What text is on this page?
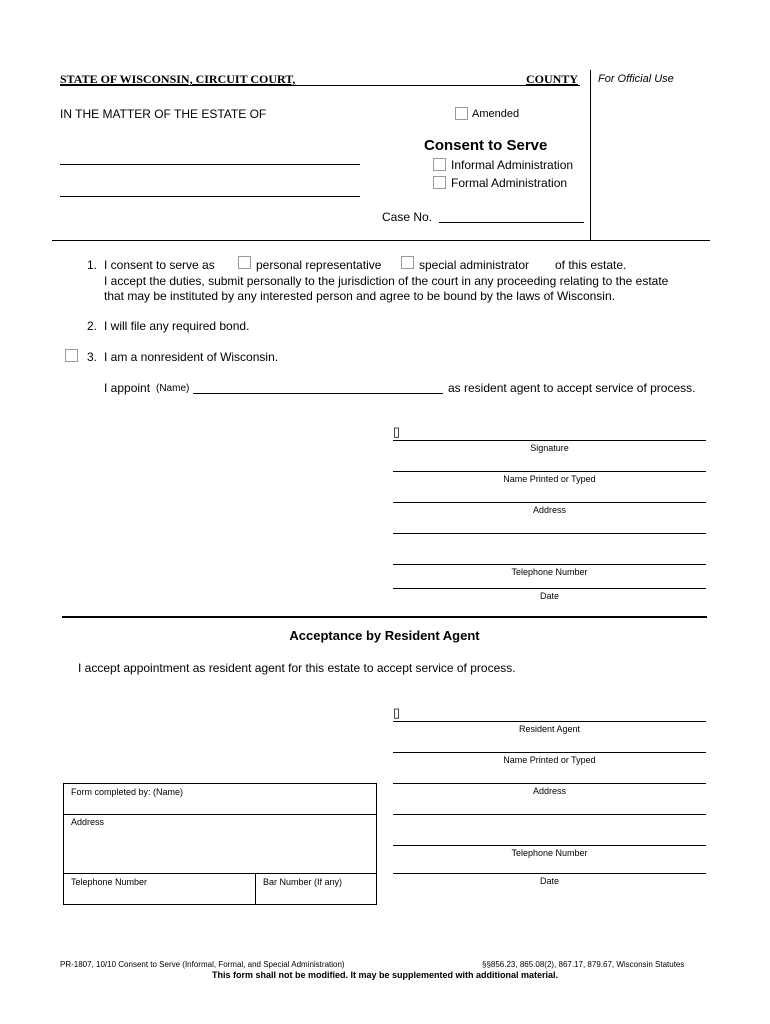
STATE OF WISCONSIN, CIRCUIT COURT,	COUNTY For Official Use
IN THE MATTER OF THE ESTATE OF	Amended
Consent to Serve
Informal Administration
Formal Administration
Case No.
1. I consent to serve as	personal representative	special administrator of this estate.
I accept the duties, submit personally to the jurisdiction of the court in any proceeding relating to the estate
that may be instituted by any interested person and agree to be bound by the laws of Wisconsin.
2. I will file any required bond.
3. I am a nonresident of Wisconsin.
I appoint (Name)	as resident agent to accept service of process.
▯
Signature
Name Printed or Typed
Address
Telephone Number
Date
Acceptance by Resident Agent
I accept appointment as resident agent for this estate to accept service of process.
▯
Resident Agent
Name Printed or Typed
Address
Telephone Number
Date
Form completed by: (Name)
Address
Telephone Number	Bar Number (If any)
PR-1807, 10/10 Consent to Serve (Informal, Formal, and Special Administration)	§§856.23, 865.08(2), 867.17, 879.67, Wisconsin Statutes
This form shall not be modified. It may be supplemented with additional material.
